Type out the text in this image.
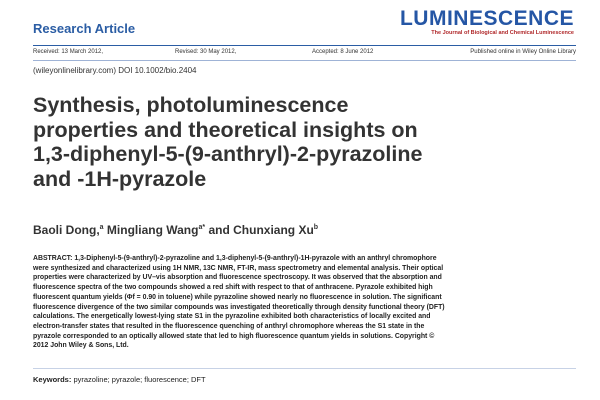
Research Article	LUMINESCENCE
The Journal of Biological and Chemical Luminescence
Received: 13 March 2012,	Revised: 30 May 2012,	Accepted: 8 June 2012	Published online in Wiley Online Library
(wileyonlinelibrary.com) DOI 10.1002/bio.2404
Synthesis, photoluminescence
properties and theoretical insights on
1,3-diphenyl-5-(9-anthryl)-2-pyrazoline
and -1H-pyrazole
Baoli Dong,$^a$ Mingliang Wang$^{a*}$ and Chunxiang Xu$^b$
ABSTRACT: 1,3-Diphenyl-5-(9-anthryl)-2-pyrazoline and 1,3-diphenyl-5-(9-anthryl)-1H-pyrazole with an anthryl chromophore
were synthesized and characterized using 1H NMR, 13C NMR, FT-IR, mass spectrometry and elemental analysis. Their optical
properties were characterized by UV–vis absorption and fluorescence spectroscopy. It was observed that the absorption and
fluorescence spectra of the two compounds showed a red shift with respect to that of anthracene. Pyrazole exhibited high
fluorescent quantum yields (Φf = 0.90 in toluene) while pyrazoline showed nearly no fluorescence in solution. The significant
fluorescence divergence of the two similar compounds was investigated theoretically through density functional theory (DFT)
calculations. The energetically lowest-lying state S1 in the pyrazoline exhibited both characteristics of locally excited and
electron-transfer states that resulted in the fluorescence quenching of anthryl chromophore whereas the S1 state in the
pyrazole corresponded to an optically allowed state that led to high fluorescence quantum yields in solutions. Copyright ©
2012 John Wiley & Sons, Ltd.
Keywords: pyrazoline; pyrazole; fluorescence; DFT
